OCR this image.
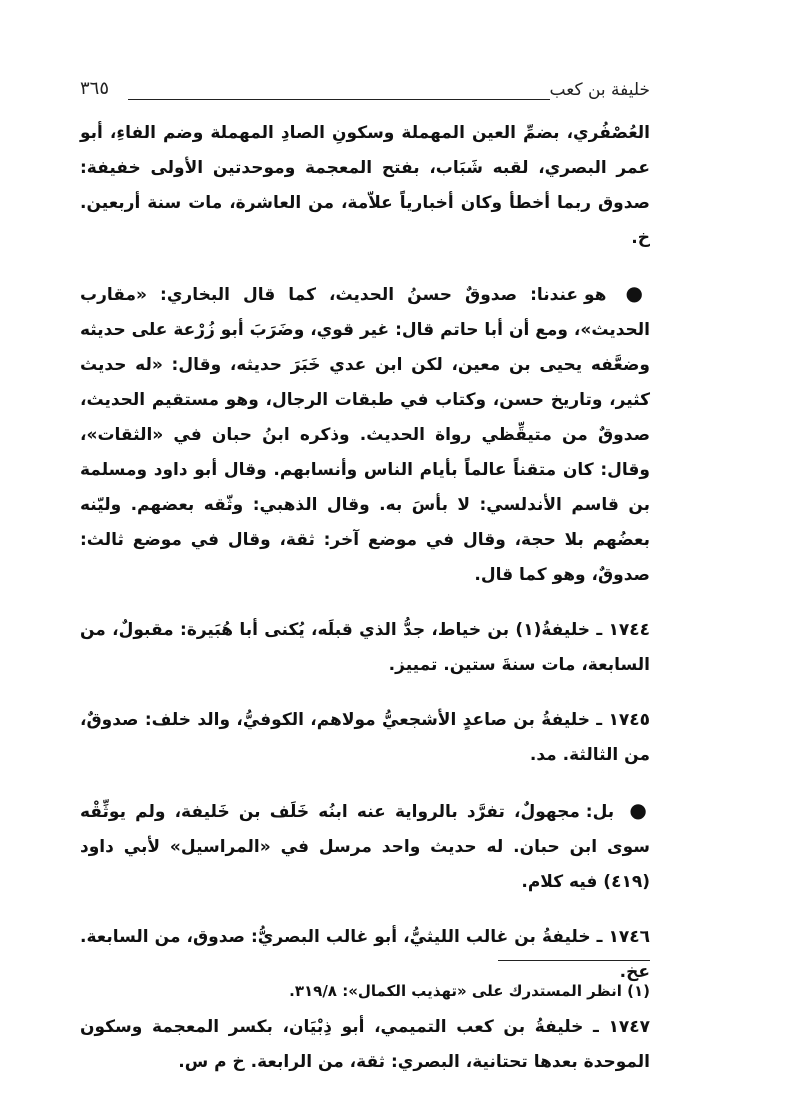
خليفة بن كعب
٣٦٥

العُصْفُري، بضمِّ العين المهملة وسكونِ الصادِ المهملة وضم الفاءِ، أبو عمر البصري، لقبه شَبَاب، بفتح المعجمة وموحدتين الأولى خفيفة: صدوق ربما أخطأ وكان أخبارياً علاّمة، من العاشرة، مات سنة أربعين. خ.

● هو عندنا: صدوقٌ حسنُ الحديث، كما قال البخاري: «مقارب الحديث»، ومع أن أبا حاتم قال: غير قوي، وضَرَبَ أبو زُرْعة على حديثه وضعَّفه يحيى بن معين، لكن ابن عدي خَبَرَ حديثه، وقال: «له حديث كثير، وتاريخ حسن، وكتاب في طبقات الرجال، وهو مستقيم الحديث، صدوقٌ من متيقِّظي رواة الحديث. وذكره ابنُ حبان في «الثقات»، وقال: كان متقناً عالماً بأيام الناس وأنسابهم. وقال أبو داود ومسلمة بن قاسم الأندلسي: لا بأسَ به. وقال الذهبي: وثّقه بعضهم. وليّنه بعضُهم بلا حجة، وقال في موضع آخر: ثقة، وقال في موضع ثالث: صدوقٌ، وهو كما قال.

١٧٤٤ ـ خليفةُ(١) بن خياط، جدُّ الذي قبلَه، يُكنى أبا هُبَيرة: مقبولٌ، من السابعة، مات سنةَ ستين. تمييز.

١٧٤٥ ـ خليفةُ بن صاعدٍ الأشجعيُّ مولاهم، الكوفيُّ، والد خلف: صدوقٌ، من الثالثة. مد.

● بل: مجهولٌ، تفرَّد بالرواية عنه ابنُه خَلَف بن خَليفة، ولم يوثِّقْه سوى ابن حبان. له حديث واحد مرسل في «المراسيل» لأبي داود (٤١٩) فيه كلام.

١٧٤٦ ـ خليفةُ بن غالب الليثيُّ، أبو غالب البصريُّ: صدوق، من السابعة. عخ.

١٧٤٧ ـ خليفةُ بن كعب التميمي، أبو ذِبْيَان، بكسر المعجمة وسكون الموحدة بعدها تحتانية، البصري: ثقة، من الرابعة. خ م س.

(١) انظر المستدرك على «تهذيب الكمال»: ٣١٩/٨.
